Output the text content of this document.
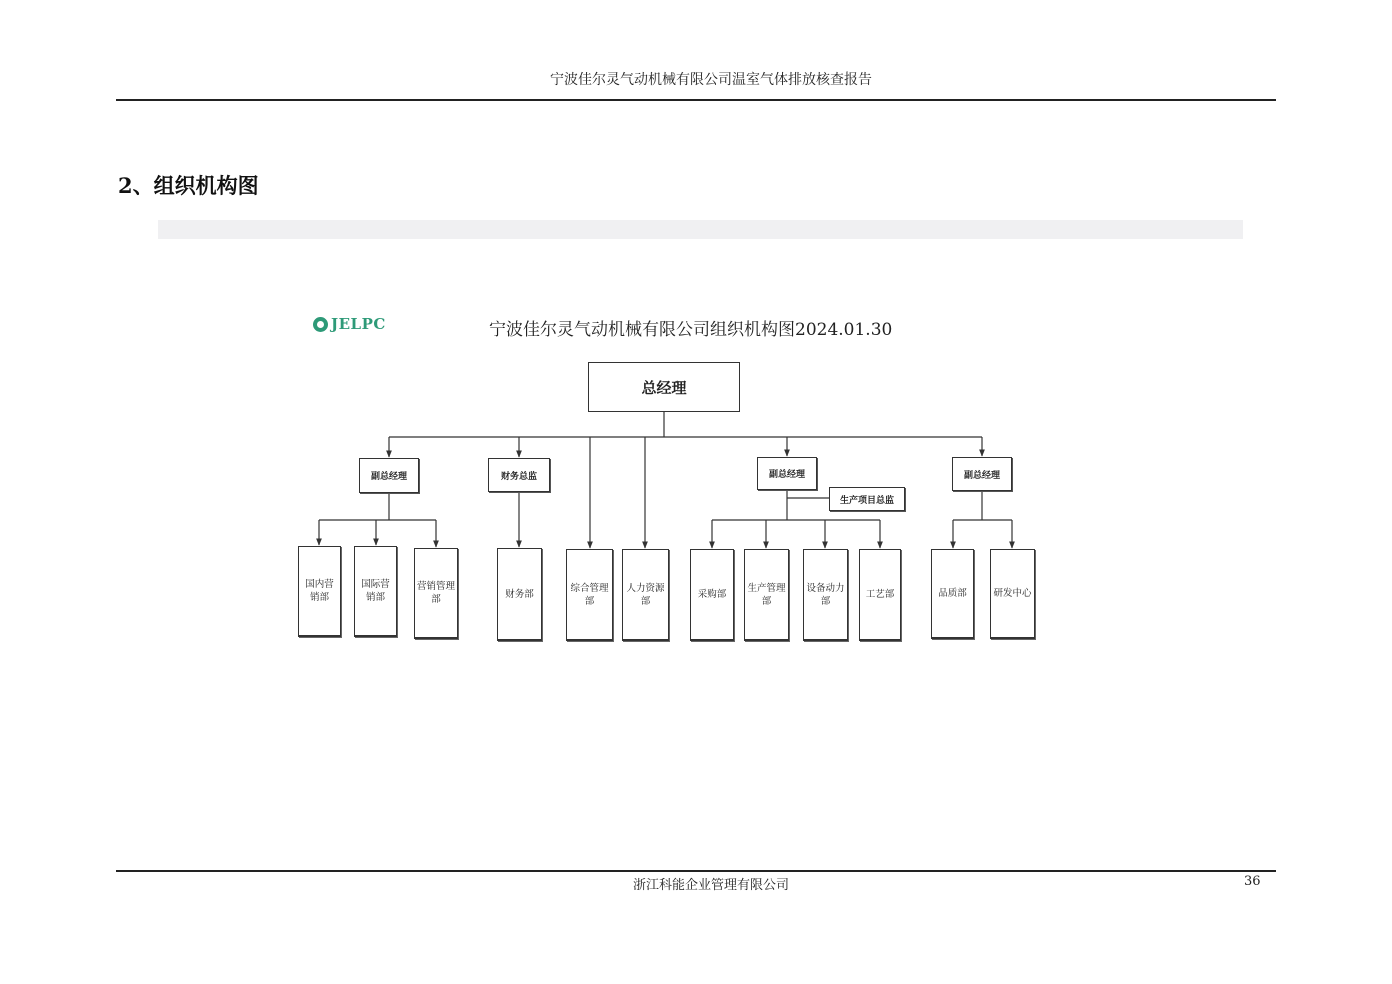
宁波佳尔灵气动机械有限公司温室气体排放核查报告
2、组织机构图
JELPC	宁波佳尔灵气动机械有限公司组织机构图2024.01.30
总经理
副总经理	财务总监	副总经理
生产项目总监
副总经理
国内营销部
国际营销部
营销管理部	财务部
综合管理部
人力资源部
采购部
生产管理部
设备动力部
工艺部	品质部	研发中心
浙江科能企业管理有限公司	36
